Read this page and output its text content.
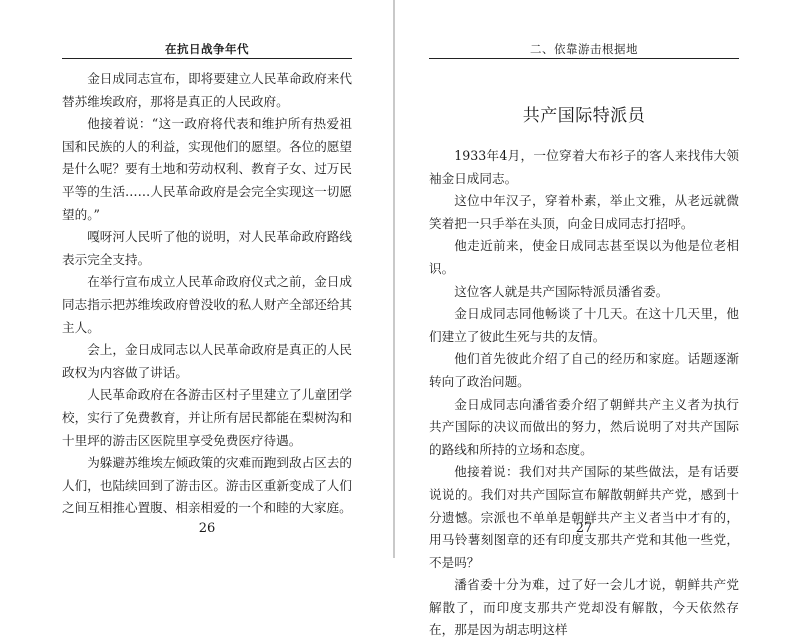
在抗日战争年代

金日成同志宣布，即将要建立人民革命政府来代替苏维埃政府，那将是真正的人民政府。

他接着说：“这一政府将代表和维护所有热爱祖国和民族的人的利益，实现他们的愿望。各位的愿望是什么呢？要有土地和劳动权利、教育子女、过万民平等的生活……人民革命政府是会完全实现这一切愿望的。”

嘎呀河人民听了他的说明，对人民革命政府路线表示完全支持。

在举行宣布成立人民革命政府仪式之前，金日成同志指示把苏维埃政府曾没收的私人财产全部还给其主人。

会上，金日成同志以人民革命政府是真正的人民政权为内容做了讲话。

人民革命政府在各游击区村子里建立了儿童团学校，实行了免费教育，并让所有居民都能在梨树沟和十里坪的游击区医院里享受免费医疗待遇。

为躲避苏维埃左倾政策的灾难而跑到敌占区去的人们，也陆续回到了游击区。游击区重新变成了人们之间互相推心置腹、相亲相爱的一个和睦的大家庭。

26
二、依靠游击根据地
共产国际特派员

1933年4月，一位穿着大布衫子的客人来找伟大领袖金日成同志。

这位中年汉子，穿着朴素，举止文雅，从老远就微笑着把一只手举在头顶，向金日成同志打招呼。

他走近前来，使金日成同志甚至误以为他是位老相识。

这位客人就是共产国际特派员潘省委。

金日成同志同他畅谈了十几天。在这十几天里，他们建立了彼此生死与共的友情。

他们首先彼此介绍了自己的经历和家庭。话题逐渐转向了政治问题。

金日成同志向潘省委介绍了朝鲜共产主义者为执行共产国际的决议而做出的努力，然后说明了对共产国际的路线和所持的立场和态度。

他接着说：我们对共产国际的某些做法，是有话要说说的。我们对共产国际宣布解散朝鲜共产党，感到十分遗憾。宗派也不单单是朝鲜共产主义者当中才有的，用马铃薯刻图章的还有印度支那共产党和其他一些党，不是吗？

潘省委十分为难，过了好一会儿才说，朝鲜共产党解散了，而印度支那共产党却没有解散，今天依然存在，那是因为胡志明这样

27
